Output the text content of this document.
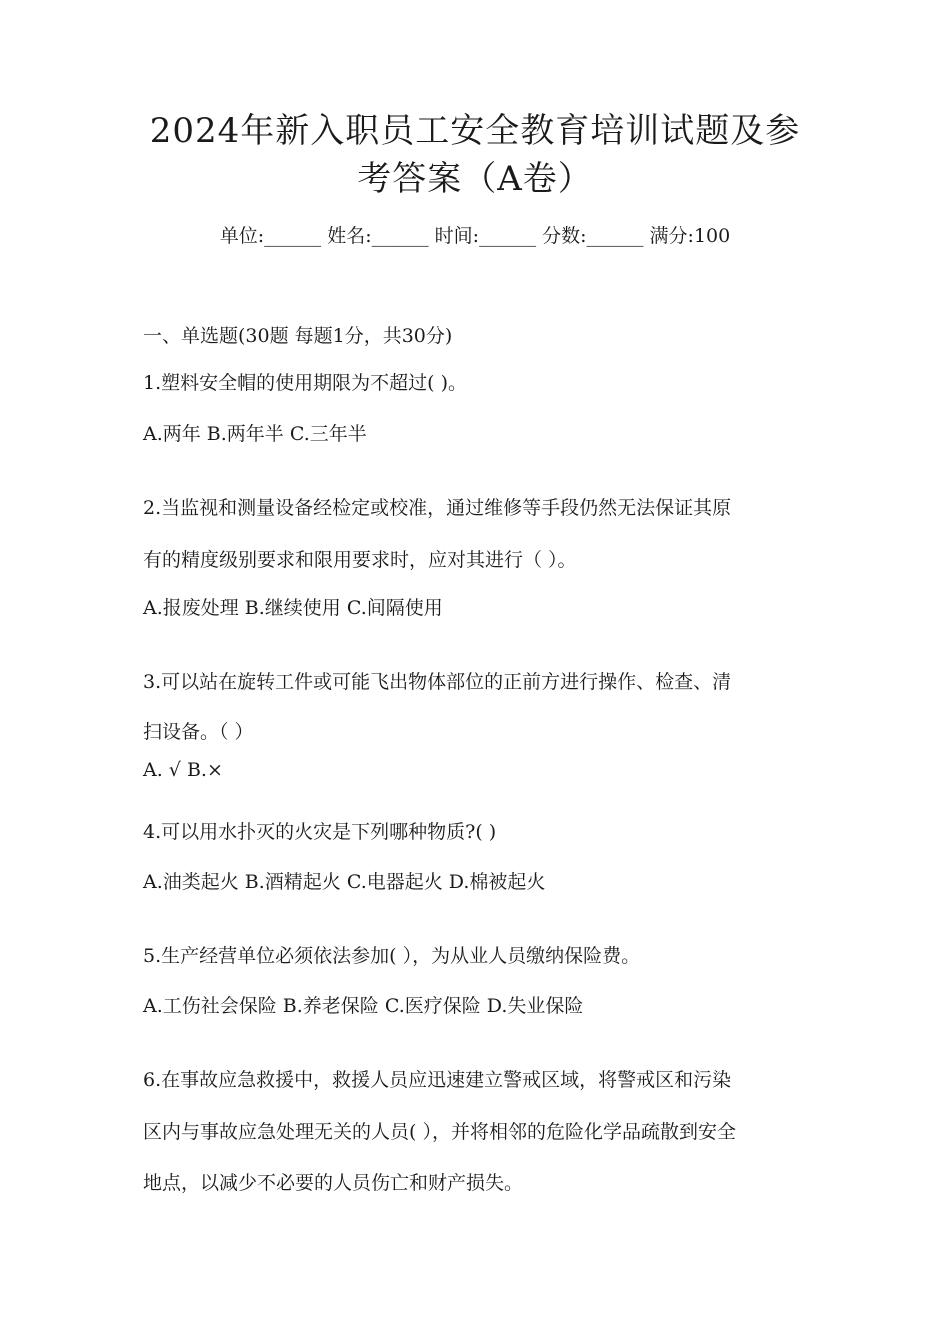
2024年新入职员工安全教育培训试题及参
考答案（A卷）
单位:______ 姓名:______ 时间:______ 分数:______ 满分:100
一、单选题(30题 每题1分，共30分)
1.塑料安全帽的使用期限为不超过( )。
A.两年 B.两年半 C.三年半
2.当监视和测量设备经检定或校准，通过维修等手段仍然无法保证其原
有的精度级别要求和限用要求时，应对其进行（ ）。
A.报废处理 B.继续使用 C.间隔使用
3.可以站在旋转工件或可能飞出物体部位的正前方进行操作、检查、清
扫设备。（ ）
A. √ B.×
4.可以用水扑灭的火灾是下列哪种物质?( )
A.油类起火 B.酒精起火 C.电器起火 D.棉被起火
5.生产经营单位必须依法参加( ），为从业人员缴纳保险费。
A.工伤社会保险 B.养老保险 C.医疗保险 D.失业保险
6.在事故应急救援中，救援人员应迅速建立警戒区域，将警戒区和污染
区内与事故应急处理无关的人员( ），并将相邻的危险化学品疏散到安全
地点，以减少不必要的人员伤亡和财产损失。
